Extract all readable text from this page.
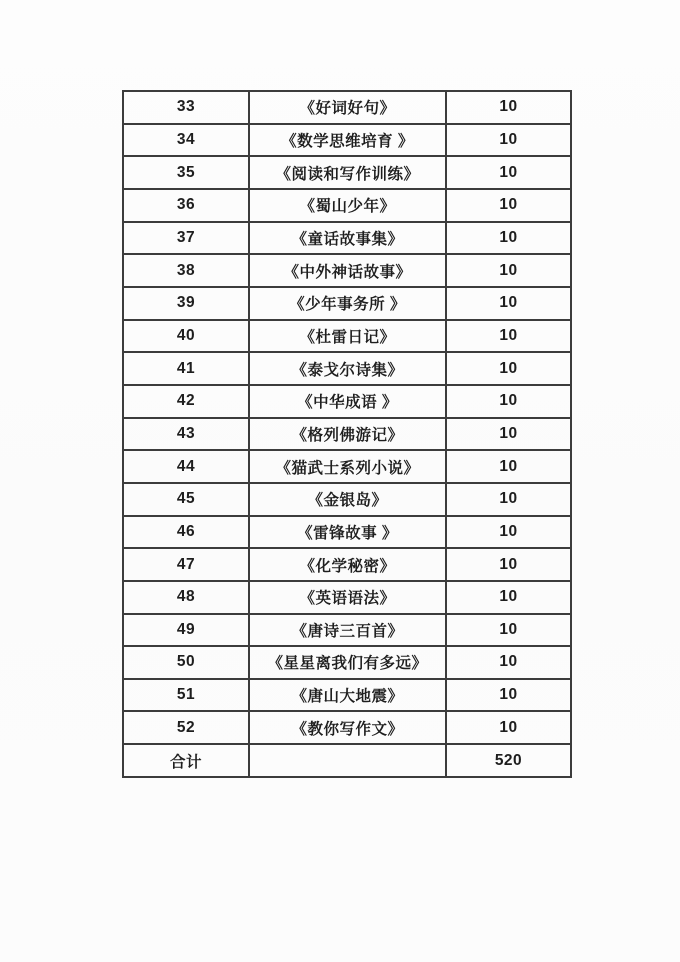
33	《好词好句》	10
34	《数学思维培育 》	10
35	《阅读和写作训练》	10
36	《蜀山少年》	10
37	《童话故事集》	10
38	《中外神话故事》	10
39	《少年事务所 》	10
40	《杜雷日记》	10
41	《泰戈尔诗集》	10
42	《中华成语 》	10
43	《格列佛游记》	10
44	《猫武士系列小说》	10
45	《金银岛》	10
46	《雷锋故事 》	10
47	《化学秘密》	10
48	《英语语法》	10
49	《唐诗三百首》	10
50	《星星离我们有多远》	10
51	《唐山大地震》	10
52	《教你写作文》	10
合计		520
